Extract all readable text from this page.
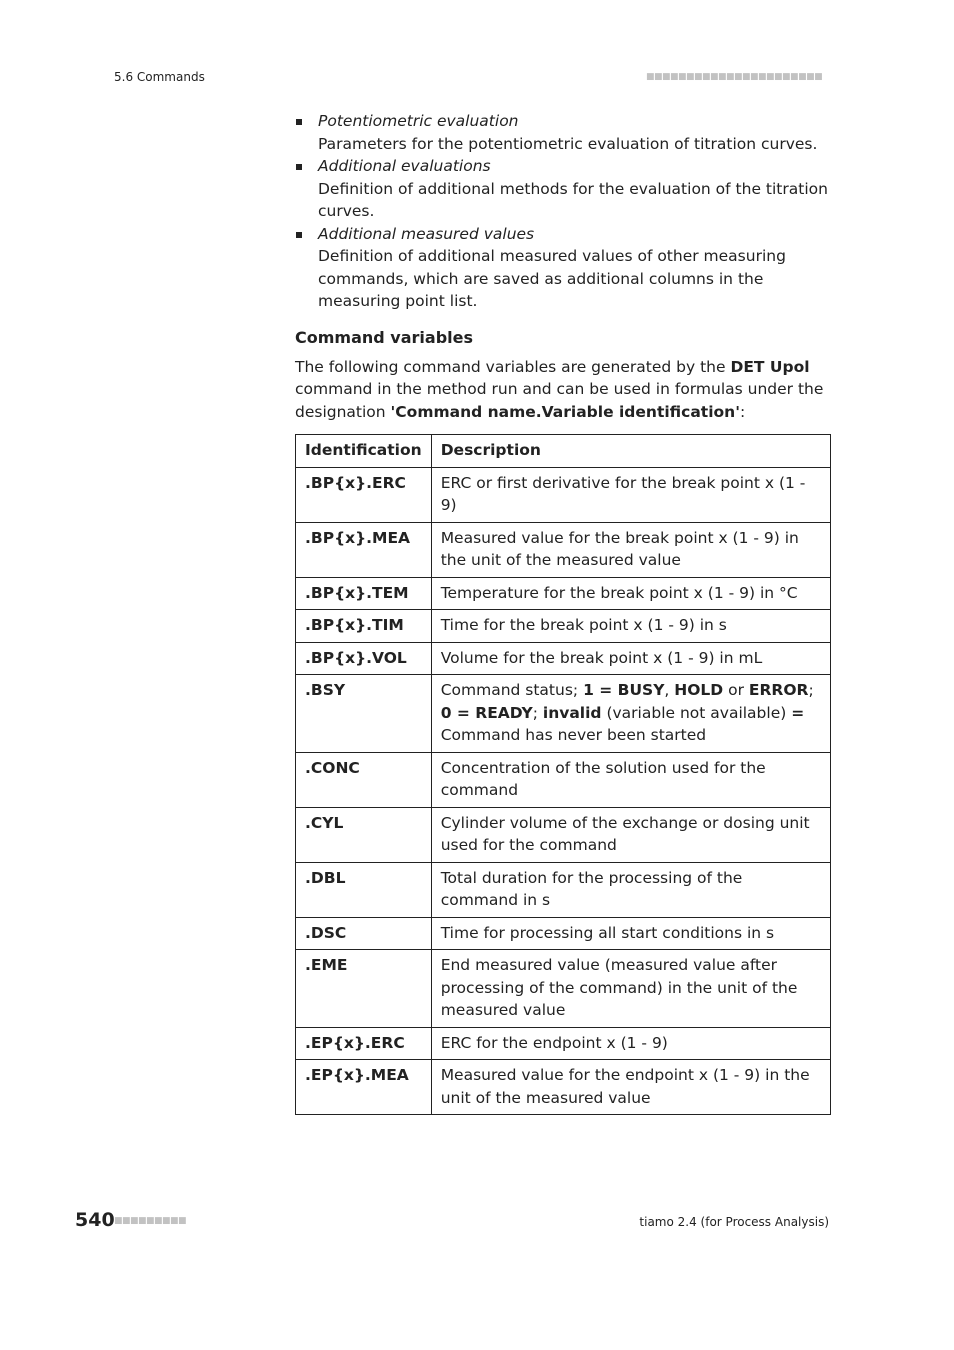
5.6 Commands	■■■■■■■■■■■■■■■■■■■■■■
Potentiometric evaluation
Parameters for the potentiometric evaluation of titration curves.
Additional evaluations
Definition of additional methods for the evaluation of the titration curves.
Additional measured values
Definition of additional measured values of other measuring commands, which are saved as additional columns in the measuring point list.
Command variables

The following command variables are generated by the DET Upol command in the method run and can be used in formulas under the designation 'Command name.Variable identification':

Identification	Description
.BP{x}.ERC	ERC or first derivative for the break point x (1 - 9)
.BP{x}.MEA	Measured value for the break point x (1 - 9) in the unit of the measured value
.BP{x}.TEM	Temperature for the break point x (1 - 9) in °C
.BP{x}.TIM	Time for the break point x (1 - 9) in s
.BP{x}.VOL	Volume for the break point x (1 - 9) in mL
.BSY	Command status; 1 = BUSY, HOLD or ERROR; 0 = READY; invalid (variable not available) = Command has never been started
.CONC	Concentration of the solution used for the command
.CYL	Cylinder volume of the exchange or dosing unit used for the command
.DBL	Total duration for the processing of the command in s
.DSC	Time for processing all start conditions in s
.EME	End measured value (measured value after processing of the command) in the unit of the measured value
.EP{x}.ERC	ERC for the endpoint x (1 - 9)
.EP{x}.MEA	Measured value for the endpoint x (1 - 9) in the unit of the measured value
540 ■■■■■■■■■	tiamo 2.4 (for Process Analysis)
